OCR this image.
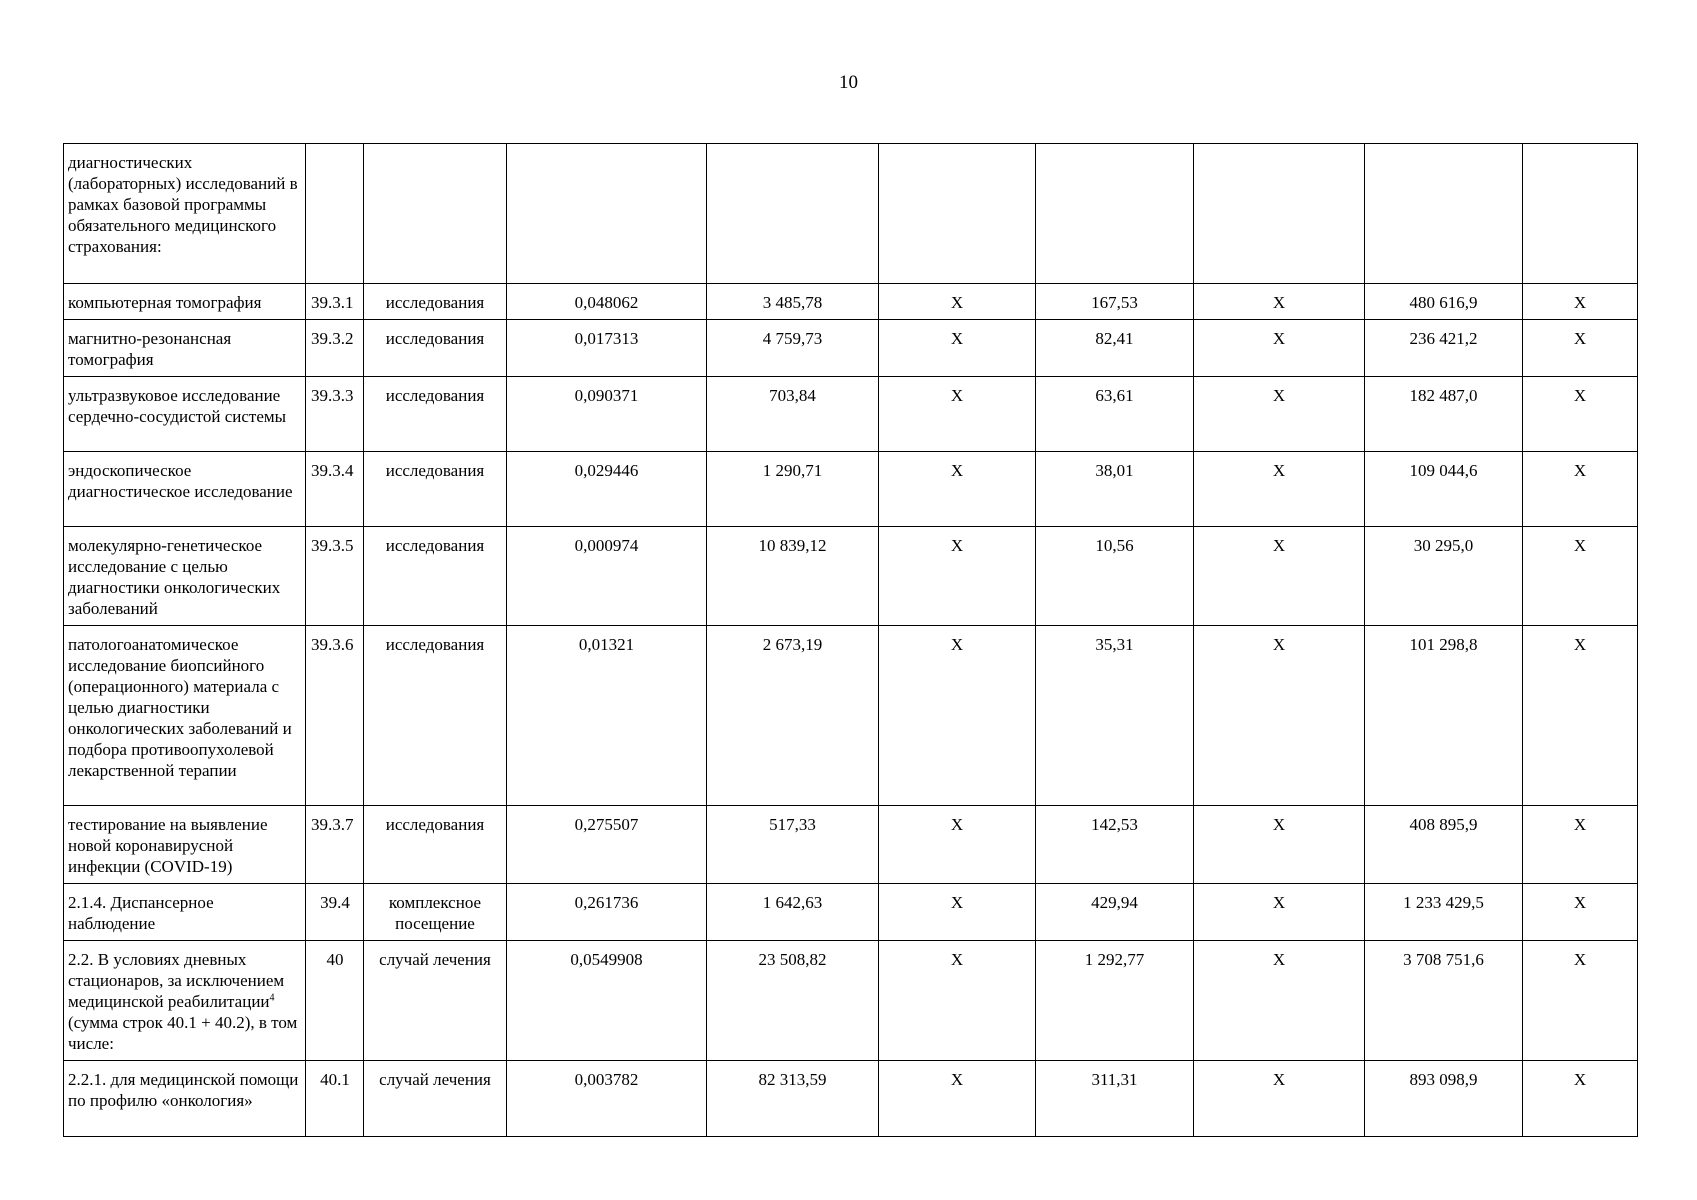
10
диагностических (лабораторных) исследований в рамках базовой программы обязательного медицинского страхования:									
компьютерная томография	39.3.1	исследования	0,048062	3 485,78	X	167,53	X	480 616,9	X
магнитно-резонансная томография	39.3.2	исследования	0,017313	4 759,73	X	82,41	X	236 421,2	X
ультразвуковое исследование сердечно-сосудистой системы	39.3.3	исследования	0,090371	703,84	X	63,61	X	182 487,0	X
эндоскопическое диагностическое исследование	39.3.4	исследования	0,029446	1 290,71	X	38,01	X	109 044,6	X
молекулярно-генетическое исследование с целью диагностики онкологических заболеваний	39.3.5	исследования	0,000974	10 839,12	X	10,56	X	30 295,0	X
патологоанатомическое исследование биопсийного (операционного) материала с целью диагностики онкологических заболеваний и подбора противоопухолевой лекарственной терапии	39.3.6	исследования	0,01321	2 673,19	X	35,31	X	101 298,8	X
тестирование на выявление новой коронавирусной инфекции (COVID-19)	39.3.7	исследования	0,275507	517,33	X	142,53	X	408 895,9	X
2.1.4. Диспансерное наблюдение	39.4	комплексное посещение	0,261736	1 642,63	X	429,94	X	1 233 429,5	X
2.2. В условиях дневных стационаров, за исключением медицинской реабилитации$^4$ (сумма строк 40.1 + 40.2), в том числе:	40	случай лечения	0,0549908	23 508,82	X	1 292,77	X	3 708 751,6	X
2.2.1. для медицинской помощи по профилю «онкология»	40.1	случай лечения	0,003782	82 313,59	X	311,31	X	893 098,9	X
